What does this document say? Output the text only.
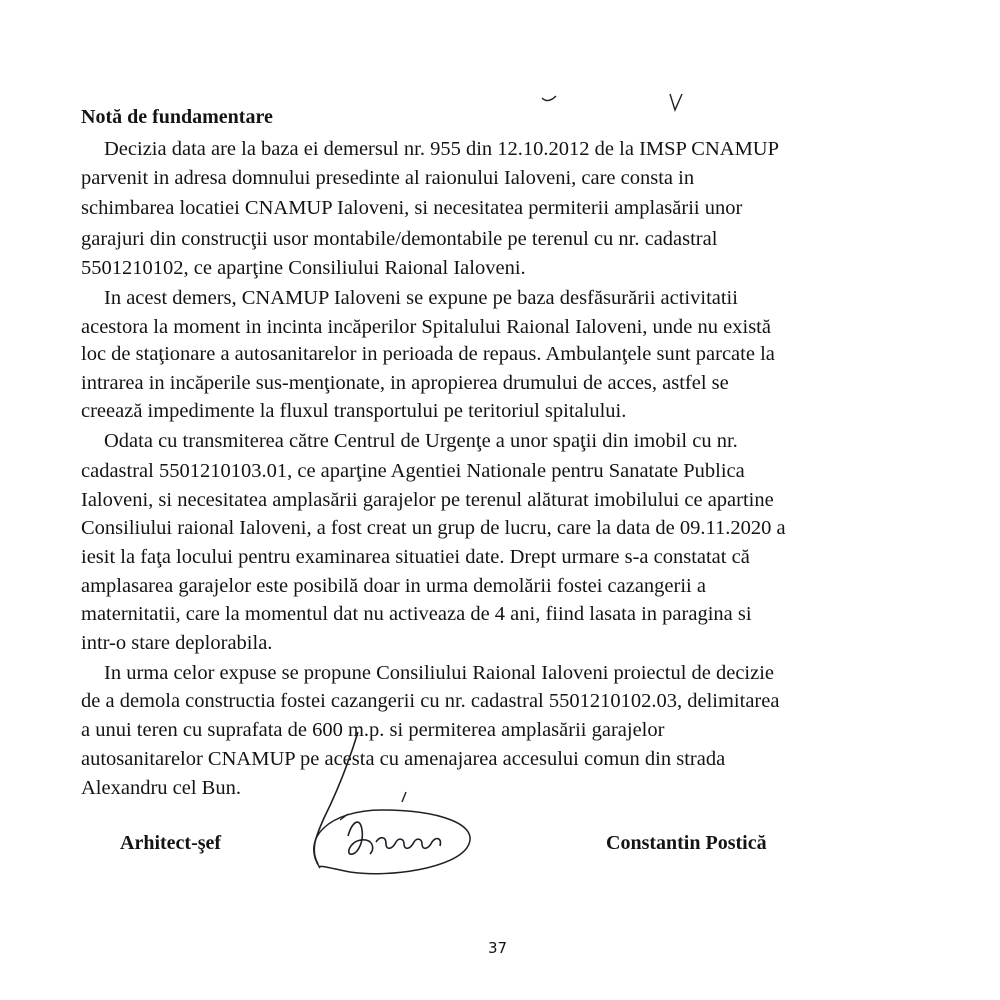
Notă de fundamentare
Decizia data are la baza ei demersul nr. 955 din 12.10.2012 de la IMSP CNAMUP
parvenit in adresa domnului presedinte al raionului Ialoveni, care consta in
schimbarea locatiei CNAMUP Ialoveni, si necesitatea permiterii amplasării unor
garajuri din construcţii usor montabile/demontabile pe terenul cu nr. cadastral
5501210102, ce aparţine Consiliului Raional Ialoveni.
In acest demers, CNAMUP Ialoveni se expune pe baza desfăsurării activitatii
acestora la moment in incinta incăperilor Spitalului Raional Ialoveni, unde nu există
loc de staţionare a autosanitarelor in perioada de repaus. Ambulanţele sunt parcate la
intrarea in incăperile sus-menţionate, in apropierea drumului de acces, astfel se
creează impedimente la fluxul transportului pe teritoriul spitalului.
Odata cu transmiterea către Centrul de Urgenţe a unor spaţii din imobil cu nr.
cadastral 5501210103.01, ce aparţine Agentiei Nationale pentru Sanatate Publica
Ialoveni, si necesitatea amplasării garajelor pe terenul alăturat imobilului ce apartine
Consiliului raional Ialoveni, a fost creat un grup de lucru, care la data de 09.11.2020 a
iesit la faţa locului pentru examinarea situatiei date. Drept urmare s-a constatat că
amplasarea garajelor este posibilă doar in urma demolării fostei cazangerii a
maternitatii, care la momentul dat nu activeaza de 4 ani, fiind lasata in paragina si
intr-o stare deplorabila.
In urma celor expuse se propune Consiliului Raional Ialoveni proiectul de decizie
de a demola constructia fostei cazangerii cu nr. cadastral 5501210102.03, delimitarea
a unui teren cu suprafata de 600 m.p. si permiterea amplasării garajelor
autosanitarelor CNAMUP pe acesta cu amenajarea accesului comun din strada
Alexandru cel Bun.
Arhitect-şef	Constantin Postică
37
